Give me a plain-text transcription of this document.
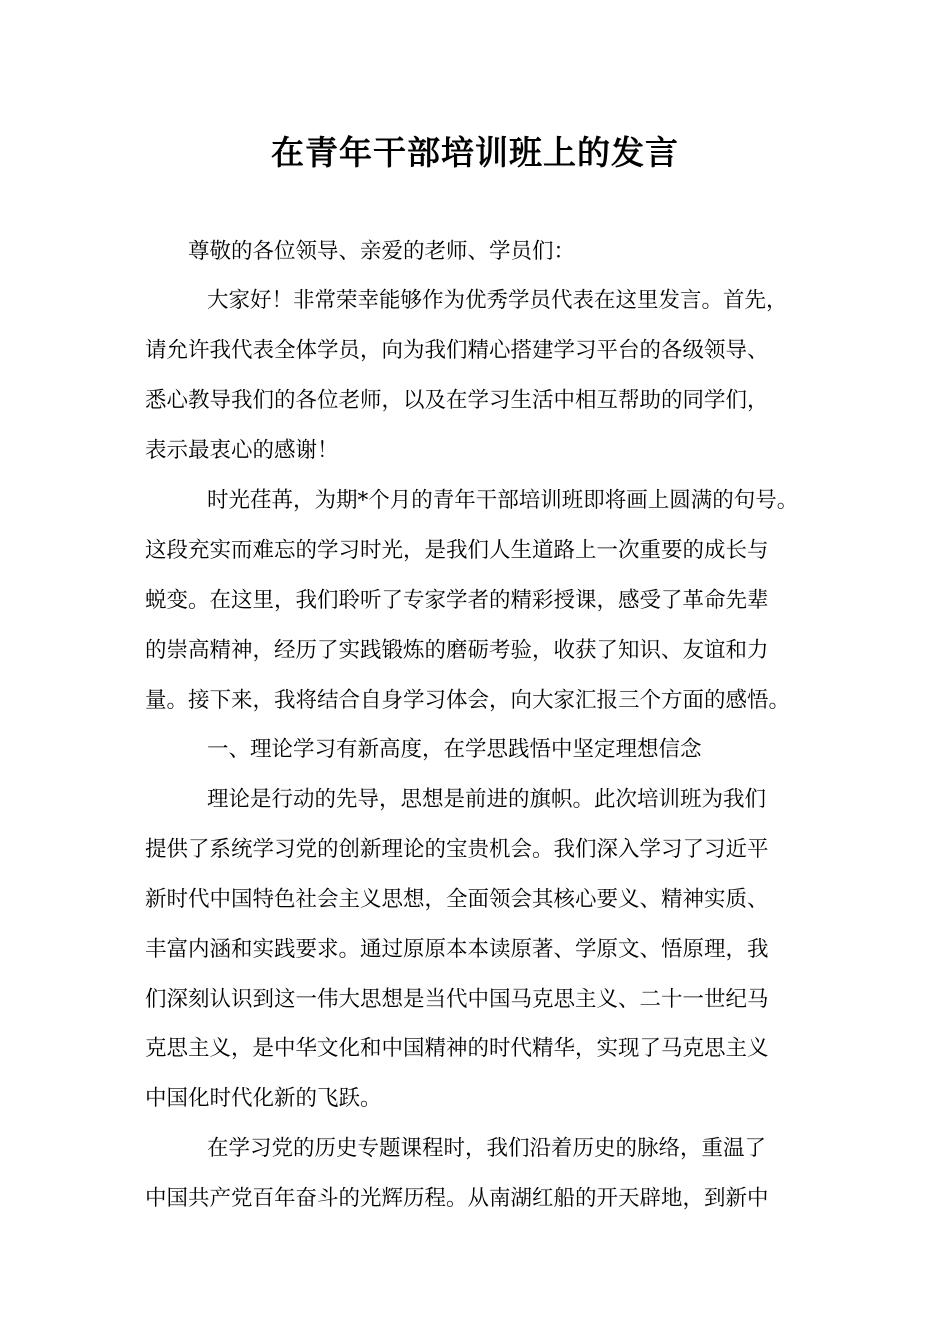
在青年干部培训班上的发言

尊敬的各位领导、亲爱的老师、学员们：

大家好！非常荣幸能够作为优秀学员代表在这里发言。首先，

请允许我代表全体学员，向为我们精心搭建学习平台的各级领导、

悉心教导我们的各位老师，以及在学习生活中相互帮助的同学们，

表示最衷心的感谢！

时光荏苒，为期*个月的青年干部培训班即将画上圆满的句号。

这段充实而难忘的学习时光，是我们人生道路上一次重要的成长与

蜕变。在这里，我们聆听了专家学者的精彩授课，感受了革命先辈

的崇高精神，经历了实践锻炼的磨砺考验，收获了知识、友谊和力

量。接下来，我将结合自身学习体会，向大家汇报三个方面的感悟。

一、理论学习有新高度，在学思践悟中坚定理想信念

理论是行动的先导，思想是前进的旗帜。此次培训班为我们

提供了系统学习党的创新理论的宝贵机会。我们深入学习了习近平

新时代中国特色社会主义思想，全面领会其核心要义、精神实质、

丰富内涵和实践要求。通过原原本本读原著、学原文、悟原理，我

们深刻认识到这一伟大思想是当代中国马克思主义、二十一世纪马

克思主义，是中华文化和中国精神的时代精华，实现了马克思主义

中国化时代化新的飞跃。

在学习党的历史专题课程时，我们沿着历史的脉络，重温了

中国共产党百年奋斗的光辉历程。从南湖红船的开天辟地，到新中
